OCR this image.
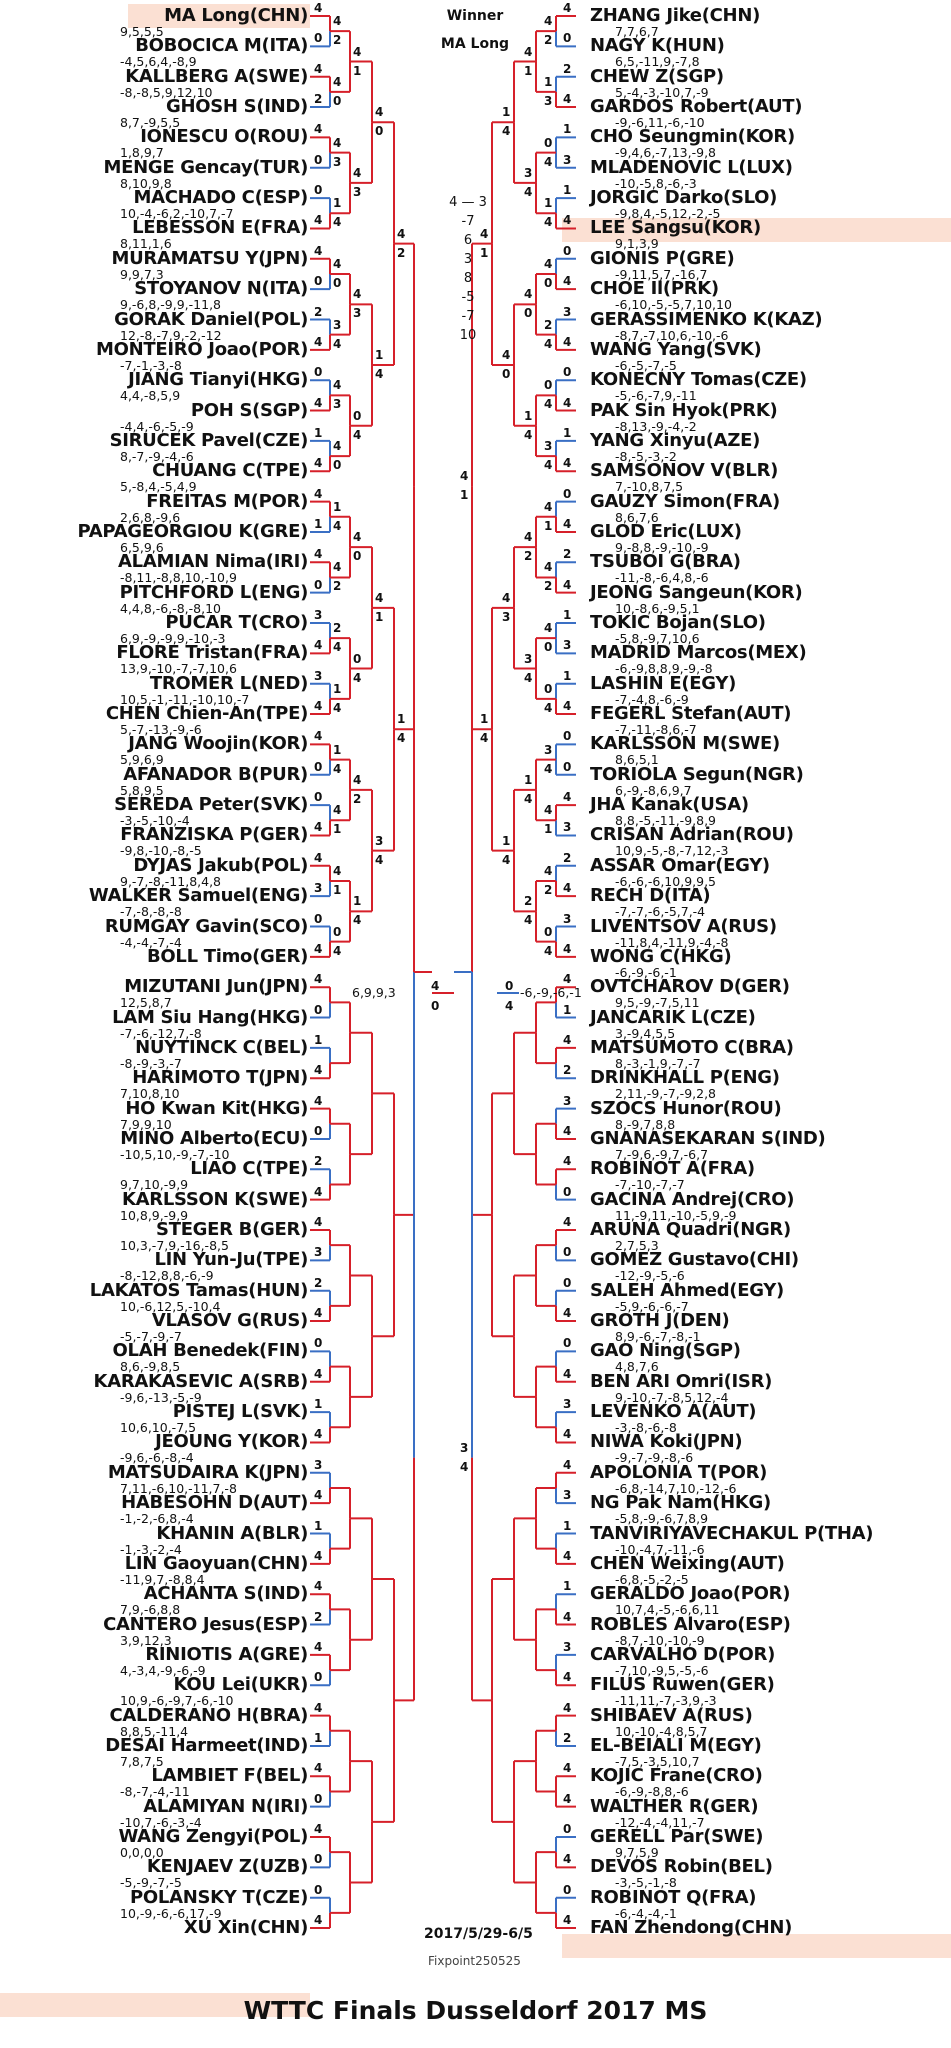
MA Long(CHN)
9,5,5,5
4
BOBOCICA M(ITA)
-4,5,6,4,-8,9
0
KALLBERG A(SWE)
-8,-8,5,9,12,10
4
GHOSH S(IND)
8,7,-9,5,5
2
IONESCU O(ROU)
1,8,9,7
4
MENGE Gencay(TUR)
8,10,9,8
0
MACHADO C(ESP)
10,-4,-6,2,-10,7,-7
0
LEBESSON E(FRA)
8,11,1,6
4
MURAMATSU Y(JPN)
9,9,7,3
4
STOYANOV N(ITA)
9,-6,8,-9,9,-11,8
0
GORAK Daniel(POL)
12,-8,-7,9,-2,-12
2
MONTEIRO Joao(POR)
-7,-1,-3,-8
4
JIANG Tianyi(HKG)
4,4,-8,5,9
0
POH S(SGP)
-4,4,-6,-5,-9
4
SIRUCEK Pavel(CZE)
8,-7,-9,-4,-6
1
CHUANG C(TPE)
5,-8,4,-5,4,9
4
FREITAS M(POR)
2,6,8,-9,6
4
PAPAGEORGIOU K(GRE)
6,5,9,6
1
ALAMIAN Nima(IRI)
-8,11,-8,8,10,-10,9
4
PITCHFORD L(ENG)
4,4,8,-6,-8,-8,10
0
PUCAR T(CRO)
6,9,-9,-9,9,-10,-3
3
FLORE Tristan(FRA)
13,9,-10,-7,-7,10,6
4
TROMER L(NED)
10,5,-1,-11,-10,10,-7
3
CHEN Chien-An(TPE)
5,-7,-13,-9,-6
4
JANG Woojin(KOR)
5,9,6,9
4
AFANADOR B(PUR)
5,8,9,5
0
SEREDA Peter(SVK)
-3,-5,-10,-4
0
FRANZISKA P(GER)
-9,8,-10,-8,-5
4
DYJAS Jakub(POL)
9,-7,-8,-11,8,4,8
4
WALKER Samuel(ENG)
-7,-8,-8,-8
3
RUMGAY Gavin(SCO)
-4,-4,-7,-4
0
BOLL Timo(GER) 4
MIZUTANI Jun(JPN)
12,5,8,7
4
LAM Siu Hang(HKG)
-7,-6,-12,7,-8
0
NUYTINCK C(BEL)
-8,-9,-3,-7
1
HARIMOTO T(JPN)
7,10,8,10
4
HO Kwan Kit(HKG)
7,9,9,10
4
MINO Alberto(ECU)
-10,5,10,-9,-7,-10
0
LIAO C(TPE)
9,7,10,-9,9
2
KARLSSON K(SWE)
10,8,9,-9,9
4
STEGER B(GER)
10,3,-7,9,-16,-8,5
4
LIN Yun-Ju(TPE)
-8,-12,8,8,-6,-9
3
LAKATOS Tamas(HUN)
10,-6,12,5,-10,4
2
VLASOV G(RUS)
-5,-7,-9,-7
4
OLAH Benedek(FIN)
8,6,-9,8,5
0
KARAKASEVIC A(SRB)
-9,6,-13,-5,-9
4
PISTEJ L(SVK)
10,6,10,-7,5
1
JEOUNG Y(KOR)
-9,6,-6,-8,-4
4
MATSUDAIRA K(JPN)
7,11,-6,10,-11,7,-8
3
HABESOHN D(AUT)
-1,-2,-6,8,-4
4
KHANIN A(BLR)
-1,-3,-2,-4
1
LIN Gaoyuan(CHN)
-11,9,7,-8,8,4
4
ACHANTA S(IND)
7,9,-6,8,8
4
CANTERO Jesus(ESP)
3,9,12,3
2
RINIOTIS A(GRE)
4,-3,4,-9,-6,-9
4
KOU Lei(UKR)
10,9,-6,-9,7,-6,-10
0
CALDERANO H(BRA)
8,8,5,-11,4
4
DESAI Harmeet(IND)
7,8,7,5
1
LAMBIET F(BEL)
-8,-7,-4,-11
4
ALAMIYAN N(IRI)
-10,7,-6,-3,-4
0
WANG Zengyi(POL)
0,0,0,0
4
KENJAEV Z(UZB)
-5,-9,-7,-5
0
POLANSKY T(CZE)
10,-9,-6,-6,17,-9
0
XU Xin(CHN) 4
4
2
4
0
4
3
1
4
4
0
3
4
4
3
4
0
1
4
4
2
2
4
1
4
1
4
4
1
4
1
0
4
4
1
4
3
4
3
0
4
4
0
0
4
4
2
1
4
4
0
1
4
4
1
3
4
4
2
1
4
ZHANG Jike(CHN)
7,7,6,7
4
NAGY K(HUN)
6,5,-11,9,-7,8
0
CHEW Z(SGP)
5,-4,-3,-10,7,-9
2
GARDOS Robert(AUT)
-9,-6,11,-6,-10
4
CHO Seungmin(KOR)
-9,4,6,-7,13,-9,8
1
MLADENOVIC L(LUX)
-10,-5,8,-6,-3
3
JORGIC Darko(SLO)
-9,8,4,-5,12,-2,-5
1
LEE Sangsu(KOR)
9,1,3,9
4
GIONIS P(GRE)
-9,11,5,7,-16,7
0
CHOE Il(PRK)
-6,10,-5,-5,7,10,10
4
GERASSIMENKO K(KAZ)
-8,7,-7,10,6,-10,-6
3
WANG Yang(SVK)
-6,-5,-7,-5
4
KONECNY Tomas(CZE)
-5,-6,-7,9,-11
0
PAK Sin Hyok(PRK)
-8,13,-9,-4,-2
4
YANG Xinyu(AZE)
-8,-5,-3,-2
1
SAMSONOV V(BLR)
7,-10,8,7,5
4
GAUZY Simon(FRA)
8,6,7,6
0
GLOD Eric(LUX)
9,-8,8,-9,-10,-9
4
TSUBOI G(BRA)
-11,-8,-6,4,8,-6
2
JEONG Sangeun(KOR)
10,-8,6,-9,5,1
4
TOKIC Bojan(SLO)
-5,8,-9,7,10,6
1
MADRID Marcos(MEX)
-6,-9,8,8,9,-9,-8
3
LASHIN E(EGY)
-7,-4,8,-6,-9
1
FEGERL Stefan(AUT)
-7,-11,-8,6,-7
4
KARLSSON M(SWE)
8,6,5,1
0
TORIOLA Segun(NGR)
6,-9,-8,6,9,7
0
JHA Kanak(USA)
8,8,-5,-11,-9,8,9
4
CRISAN Adrian(ROU)
10,9,-5,-8,-7,12,-3
3
ASSAR Omar(EGY)
-6,-6,-6,10,9,9,5
2
RECH D(ITA)
-7,-7,-6,-5,7,-4
4
LIVENTSOV A(RUS)
-11,8,4,-11,9,-4,-8
3
WONG C(HKG)
-6,-9,-6,-1
4
OVTCHAROV D(GER)
9,5,-9,-7,5,11
4
JANCARIK L(CZE)
3,-9,4,5,5
1
MATSUMOTO C(BRA)
8,-3,-1,9,-7,-7
4
DRINKHALL P(ENG)
2,11,-9,-7,-9,2,8
2
SZOCS Hunor(ROU)
8,-9,7,8,8
3
GNANASEKARAN S(IND)
7,-9,6,-9,7,-6,7
4
ROBINOT A(FRA)
-7,-10,-7,-7
4
GACINA Andrej(CRO)
11,-9,11,-10,-5,9,-9
0
ARUNA Quadri(NGR)
2,7,5,3
4
GOMEZ Gustavo(CHI)
-12,-9,-5,-6
0
SALEH Ahmed(EGY)
-5,9,-6,-6,-7
0
GROTH J(DEN)
8,9,-6,-7,-8,-1
4
GAO Ning(SGP)
4,8,7,6
0
BEN ARI Omri(ISR)
9,-10,-7,-8,5,12,-4
4
LEVENKO A(AUT)
-3,-8,-6,-8
3
NIWA Koki(JPN)
-9,-7,-9,-8,-6
4
APOLONIA T(POR)
-6,8,-14,7,10,-12,-6
4
NG Pak Nam(HKG)
-5,8,-9,-6,7,8,9
3
TANVIRIYAVECHAKUL P(THA)
-10,-4,7,-11,-6
1
CHEN Weixing(AUT)
-6,8,-5,-2,-5
4
GERALDO Joao(POR)
10,7,4,-5,-6,6,11
1
ROBLES Alvaro(ESP)
-8,7,-10,-10,-9
4
CARVALHO D(POR)
-7,10,-9,5,-5,-6
3
FILUS Ruwen(GER)
-11,11,-7,-3,9,-3
4
SHIBAEV A(RUS)
10,-10,-4,8,5,7
4
EL-BEIALI M(EGY)
-7,5,-3,5,10,7
2
KOJIC Frane(CRO)
-6,-9,-8,8,-6
4
WALTHER R(GER)
-12,-4,-4,11,-7
4
GERELL Par(SWE)
9,7,5,9
0
DEVOS Robin(BEL)
-3,-5,-1,-8
4
ROBINOT Q(FRA)
-6,-4,-4,-1
0
FAN Zhendong(CHN)
4
4
2
1
3
0
4
1
4
4
0
2
4
0
4
3
4
4
1
4
2
4
0
0
4
3
4
4
1
4
2
0
4
4
1
3
4
4
0
1
4
4
2
3
4
1
4
2
4
1
4
4
0
4
3
1
4
4
1
1
4
4
1
3
4
Winner
MA Long
4 — 3
-7
6
3
8
-5
-7
10
6,9,9,3	-6,-9,-6,-1
4
0
0
4
2017/5/29-6/5
Fixpoint250525
WTTC Finals Dusseldorf 2017 MS
